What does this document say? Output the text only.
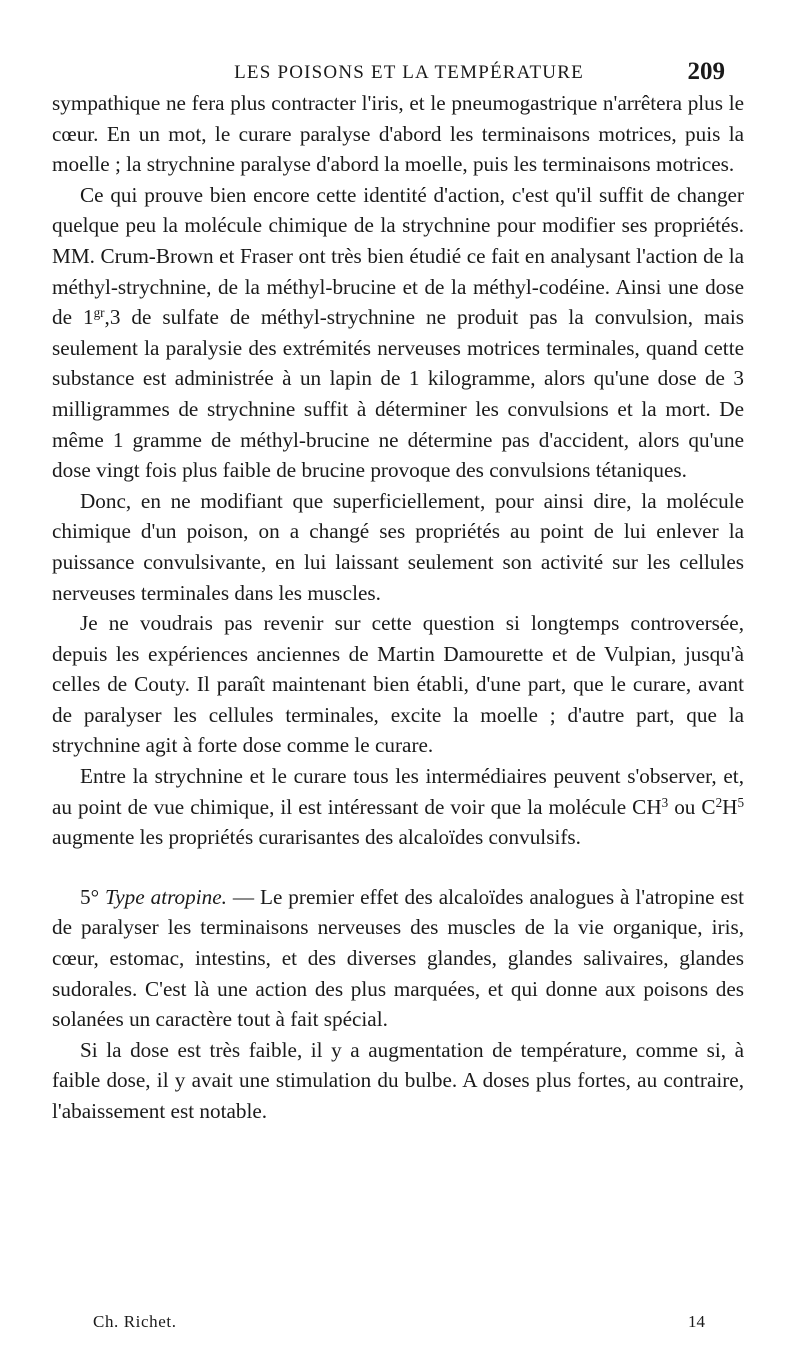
LES POISONS ET LA TEMPÉRATURE	209

sympathique ne fera plus contracter l'iris, et le pneumogastrique n'arrêtera plus le cœur. En un mot, le curare paralyse d'abord les terminaisons motrices, puis la moelle ; la strychnine paralyse d'abord la moelle, puis les terminaisons motrices.

Ce qui prouve bien encore cette identité d'action, c'est qu'il suffit de changer quelque peu la molécule chimique de la strychnine pour modifier ses propriétés. MM. Crum-Brown et Fraser ont très bien étudié ce fait en analysant l'action de la méthyl-strychnine, de la méthyl-brucine et de la méthyl-codéine. Ainsi une dose de $1^{gr},3$ de sulfate de méthyl-strychnine ne produit pas la convulsion, mais seulement la paralysie des extrémités nerveuses motrices terminales, quand cette substance est administrée à un lapin de 1 kilogramme, alors qu'une dose de 3 milligrammes de strychnine suffit à déterminer les convulsions et la mort. De même 1 gramme de méthyl-brucine ne détermine pas d'accident, alors qu'une dose vingt fois plus faible de brucine provoque des convulsions tétaniques.

Donc, en ne modifiant que superficiellement, pour ainsi dire, la molécule chimique d'un poison, on a changé ses propriétés au point de lui enlever la puissance convulsivante, en lui laissant seulement son activité sur les cellules nerveuses terminales dans les muscles.

Je ne voudrais pas revenir sur cette question si longtemps controversée, depuis les expériences anciennes de Martin Damourette et de Vulpian, jusqu'à celles de Couty. Il paraît maintenant bien établi, d'une part, que le curare, avant de paralyser les cellules terminales, excite la moelle ; d'autre part, que la strychnine agit à forte dose comme le curare.

Entre la strychnine et le curare tous les intermédiaires peuvent s'observer, et, au point de vue chimique, il est intéressant de voir que la molécule $CH^3$ ou $C^2H^5$ augmente les propriétés curarisantes des alcaloïdes convulsifs.

5° Type atropine. — Le premier effet des alcaloïdes analogues à l'atropine est de paralyser les terminaisons nerveuses des muscles de la vie organique, iris, cœur, estomac, intestins, et des diverses glandes, glandes salivaires, glandes sudorales. C'est là une action des plus marquées, et qui donne aux poisons des solanées un caractère tout à fait spécial.

Si la dose est très faible, il y a augmentation de température, comme si, à faible dose, il y avait une stimulation du bulbe. A doses plus fortes, au contraire, l'abaissement est notable.

Ch. Richet.	14
